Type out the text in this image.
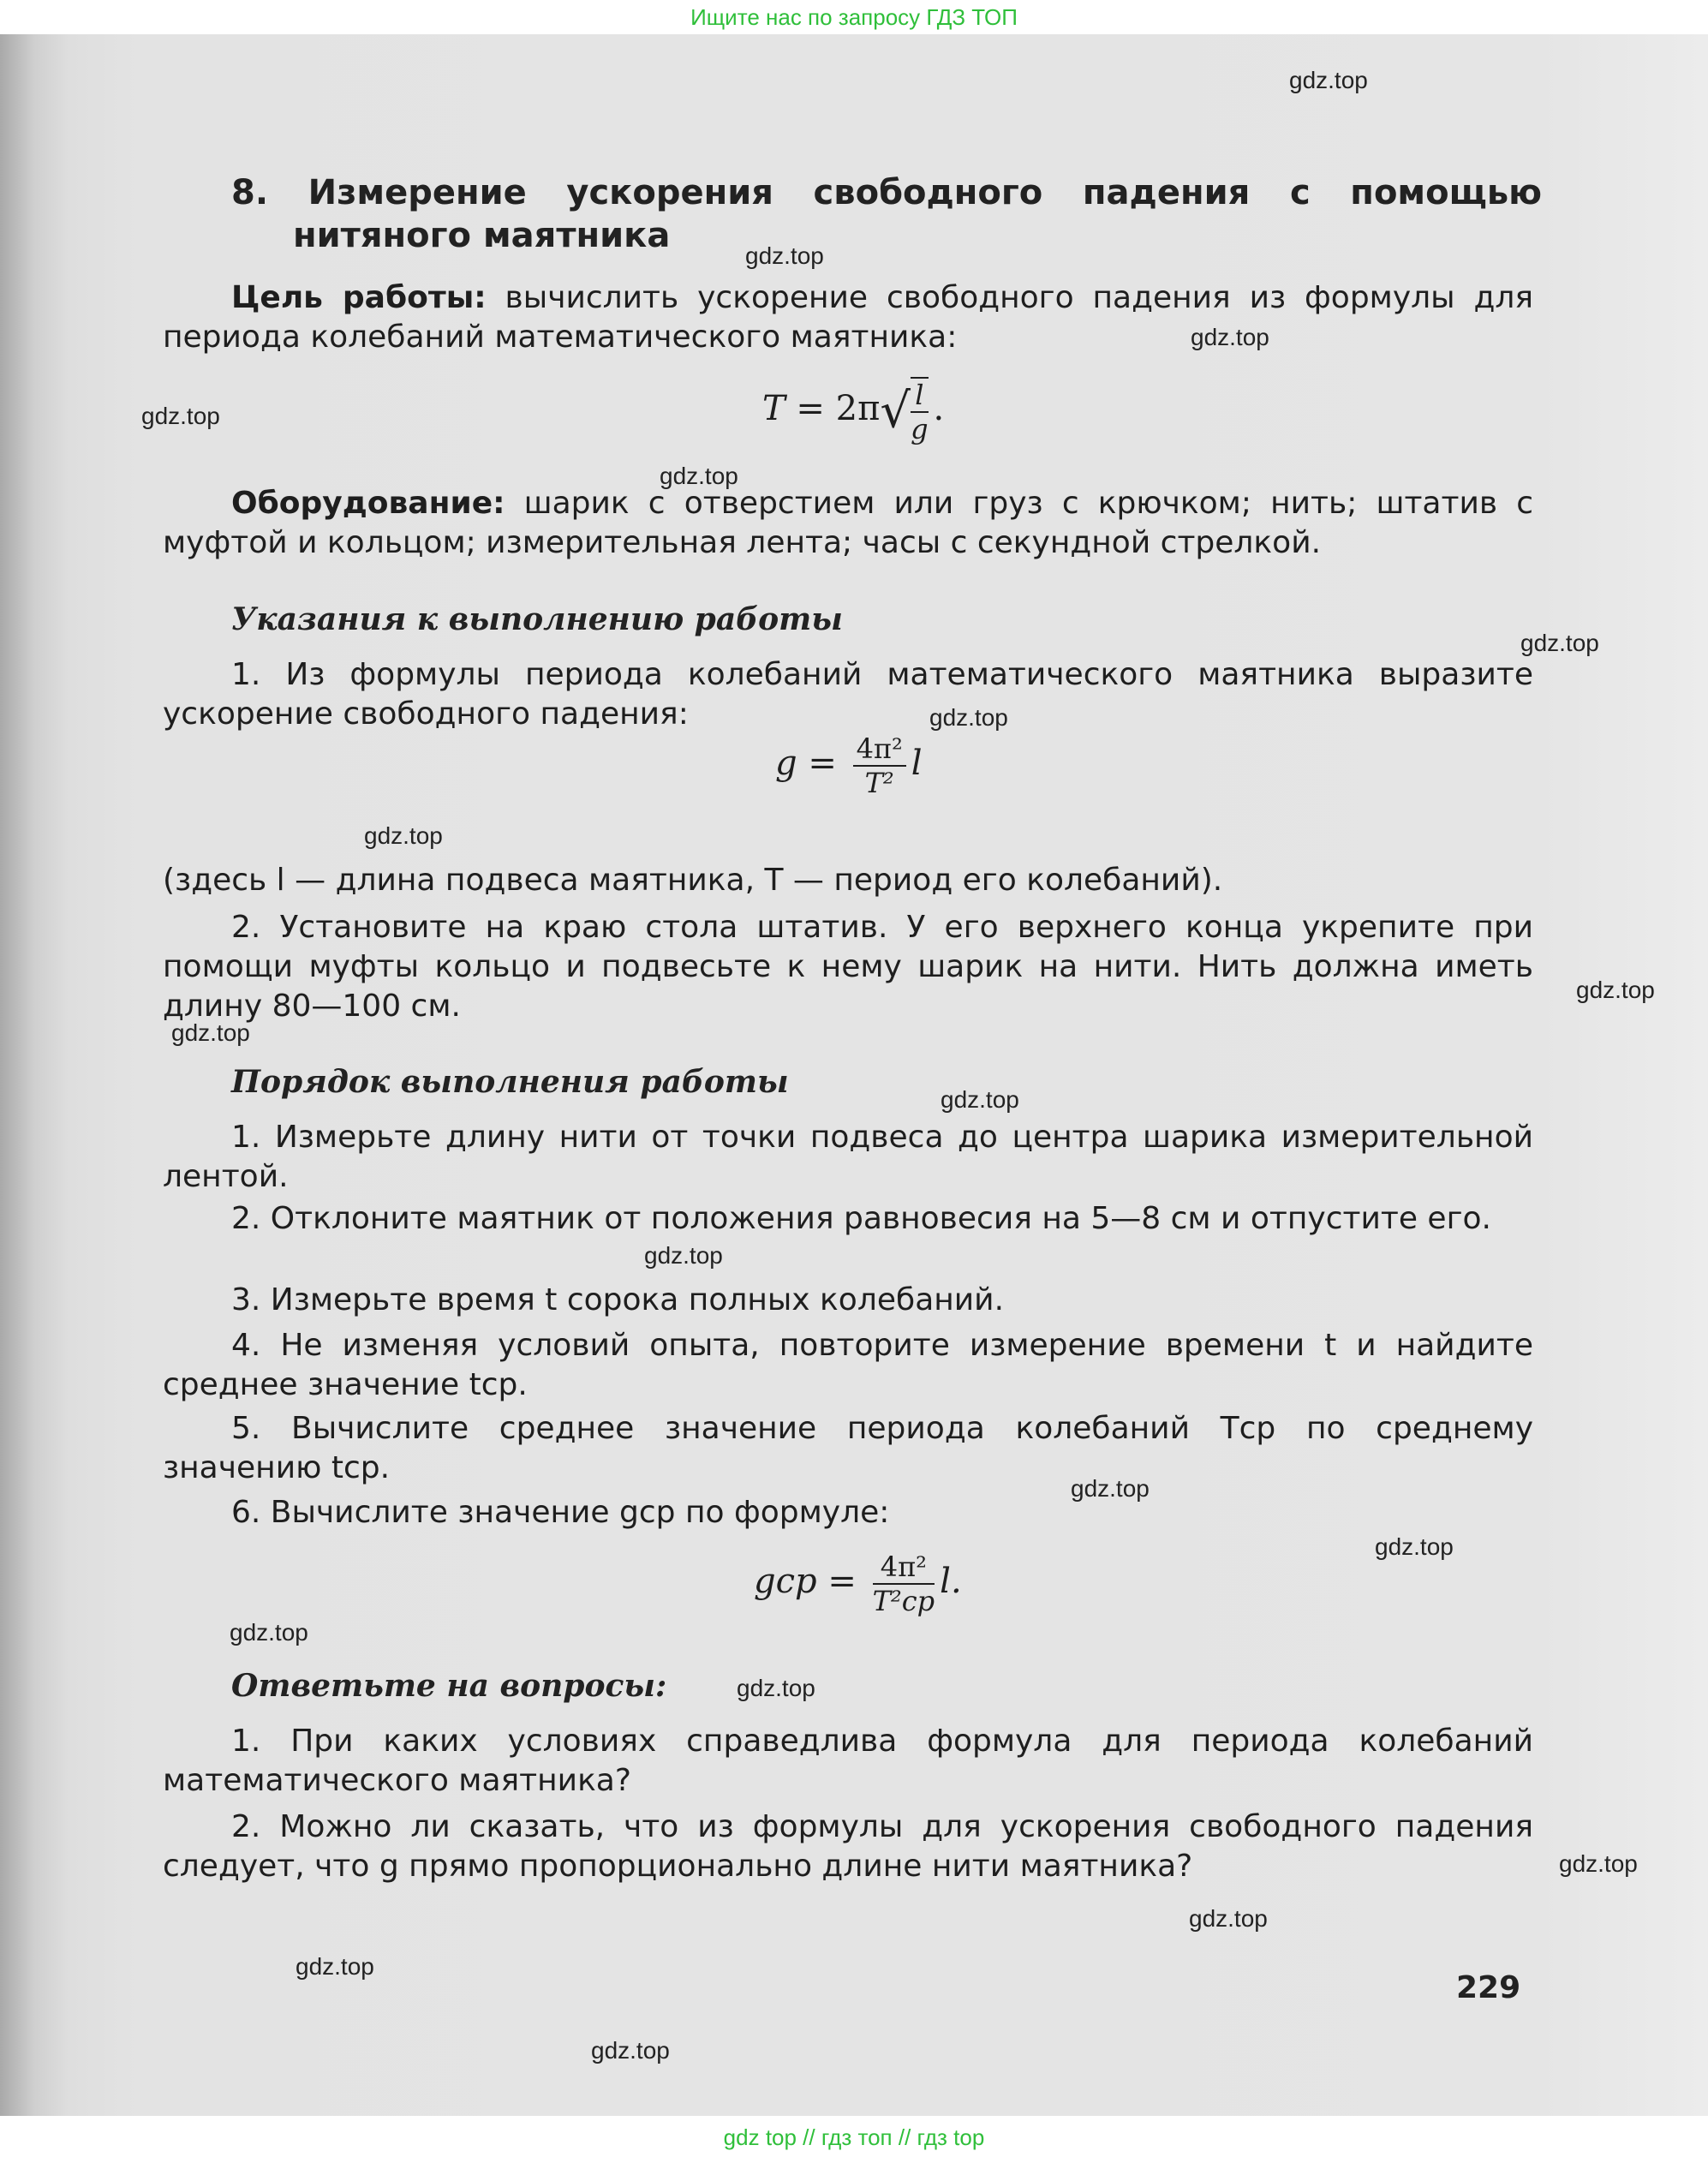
Ищите нас по запросу ГДЗ ТОП
gdz.top
gdz.top
gdz.top
gdz.top
gdz.top
gdz.top
gdz.top
gdz.top
gdz.top
gdz.top
gdz.top
gdz.top
gdz.top
gdz.top
gdz.top
gdz.top
gdz.top
gdz.top
gdz.top
gdz.top
8. Измерение ускорения свободного падения с помощью нитяного маятника
Цель работы: вычислить ускорение свободного падения из формулы для периода колебаний математического маятника:
$T = 2\pi√ \frac{l}{g}$ .
Оборудование: шарик с отверстием или груз с крючком; нить; штатив с муфтой и кольцом; измерительная лента; часы с секундной стрелкой.
Указания к выполнению работы
1. Из формулы периода колебаний математического маятника выразите ускорение свободного падения:
$g = \frac{\text{4π²}}{\text{T²}}$ l
(здесь l — длина подвеса маятника, T — период его колебаний).
2. Установите на краю стола штатив. У его верхнего конца укрепите при помощи муфты кольцо и подвесьте к нему шарик на нити. Нить должна иметь длину 80—100 см.
Порядок выполнения работы
1. Измерьте длину нити от точки подвеса до центра шарика измерительной лентой.
2. Отклоните маятник от положения равновесия на 5—8 см и отпустите его.
3. Измерьте время t сорока полных колебаний.
4. Не изменяя условий опыта, повторите измерение времени t и найдите среднее значение tср.
5. Вычислите среднее значение периода колебаний Tср по среднему значению tср.
6. Вычислите значение gср по формуле:
gср = $\frac{\text{4π²}}{\text{T²ср}} l$.
Ответьте на вопросы:
1. При каких условиях справедлива формула для периода колебаний математического маятника?
2. Можно ли сказать, что из формулы для ускорения свободного падения следует, что g прямо пропорционально длине нити маятника?
229
gdz top // гдз топ // гдз top
